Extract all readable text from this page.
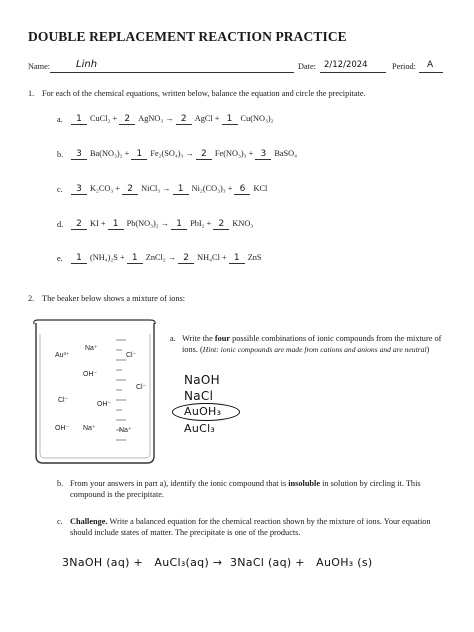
DOUBLE REPLACEMENT REACTION PRACTICE
Name:	Linh	Date: 2/12/2024	Period: A
1. For each of the chemical equations, written below, balance the equation and circle the precipitate.
a.	1 CuCl₂ + 2 AgNO₃ → 2 AgCl + 1 Cu(NO₃)₂
b.	3 Ba(NO₃)₂ + 1 Fe₂(SO₄)₃ → 2 Fe(NO₃)₃ + 3 BaSO₄
c.	3 K₂CO₃ + 2 NiCl₃ → 1 Ni₂(CO₃)₃ + 6 KCl
d.	2 KI + 1 Pb(NO₃)₂ → 1 PbI₂ + 2 KNO₃
e.	1 (NH₄)₂S + 1 ZnCl₂ → 2 NH₄Cl + 1 ZnS
2. The beaker below shows a mixture of ions:
Na⁺
Au³⁺	Cl⁻
OH⁻
Cl⁻
Cl⁻
OH⁻
OH⁻ Na⁺	Na⁺
a. Write the four possible combinations of ionic compounds from the mixture of ions. (Hint: ionic compounds are made from cations and anions and are neutral)
NaOH
NaCl
AuOH₃
AuCl₃
b. From your answers in part a), identify the ionic compound that is insoluble in solution by circling it. This compound is the precipitate.
c. Challenge. Write a balanced equation for the chemical reaction shown by the mixture of ions. Your equation should include states of matter. The precipitate is one of the products.
3NaOH (aq) +   AuCl₃(aq) →  3NaCl (aq) +   AuOH₃ (s)
